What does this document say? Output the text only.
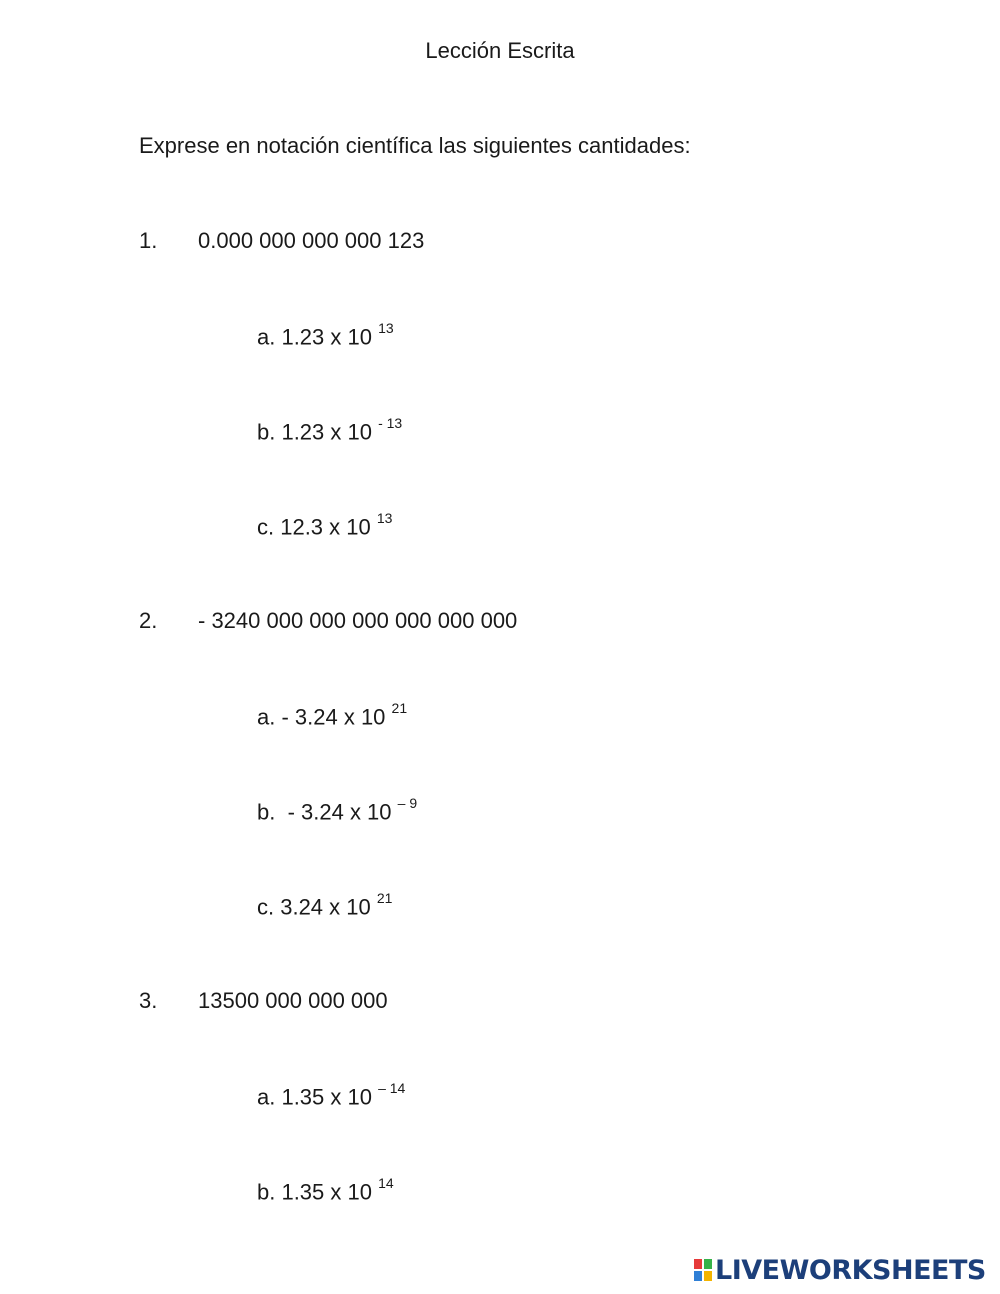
Lección Escrita
Exprese en notación científica las siguientes cantidades:
1. 0.000 000 000 000 123
a. 1.23 x 10 $^{13}$
b. 1.23 x 10 $^{- 13}$
c. 12.3 x 10 $^{13}$
2. - 3240 000 000 000 000 000 000
a. - 3.24 x 10 $^{21}$
b.  - 3.24 x 10 $^{- 9}$
c. 3.24 x 10 $^{21}$
3. 13500 000 000 000
a. 1.35 x 10 $^{- 14}$
b. 1.35 x 10 $^{14}$
LIVEWORKSHEETS
